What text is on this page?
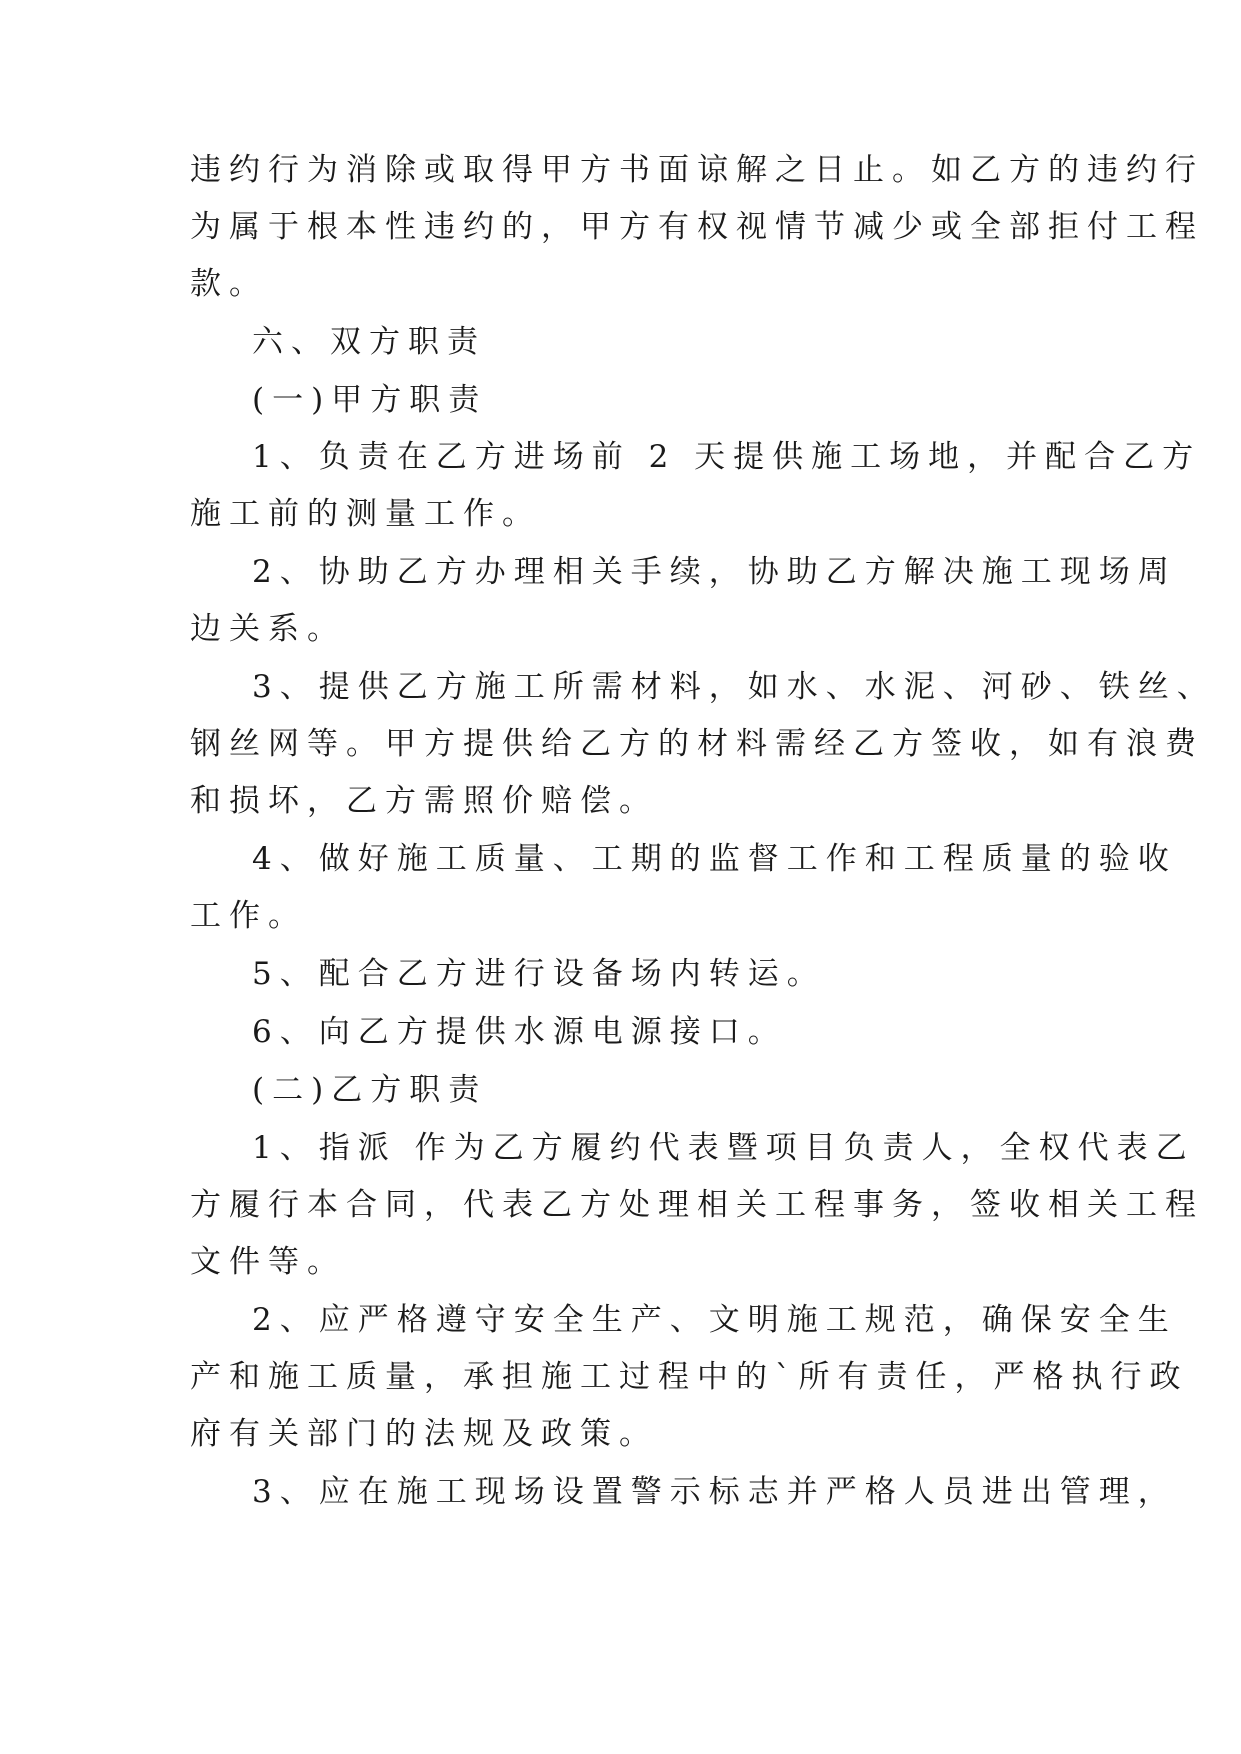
违约行为消除或取得甲方书面谅解之日止。如乙方的违约行
为属于根本性违约的，甲方有权视情节减少或全部拒付工程
款。
六、双方职责
(一)甲方职责
1、负责在乙方进场前 2 天提供施工场地，并配合乙方
施工前的测量工作。
2、协助乙方办理相关手续，协助乙方解决施工现场周
边关系。
3、提供乙方施工所需材料，如水、水泥、河砂、铁丝、
钢丝网等。甲方提供给乙方的材料需经乙方签收，如有浪费
和损坏，乙方需照价赔偿。
4、做好施工质量、工期的监督工作和工程质量的验收
工作。
5、配合乙方进行设备场内转运。
6、向乙方提供水源电源接口。
(二)乙方职责
1、指派 作为乙方履约代表暨项目负责人，全权代表乙
方履行本合同，代表乙方处理相关工程事务，签收相关工程
文件等。
2、应严格遵守安全生产、文明施工规范，确保安全生
产和施工质量，承担施工过程中的`所有责任，严格执行政
府有关部门的法规及政策。
3、应在施工现场设置警示标志并严格人员进出管理，
